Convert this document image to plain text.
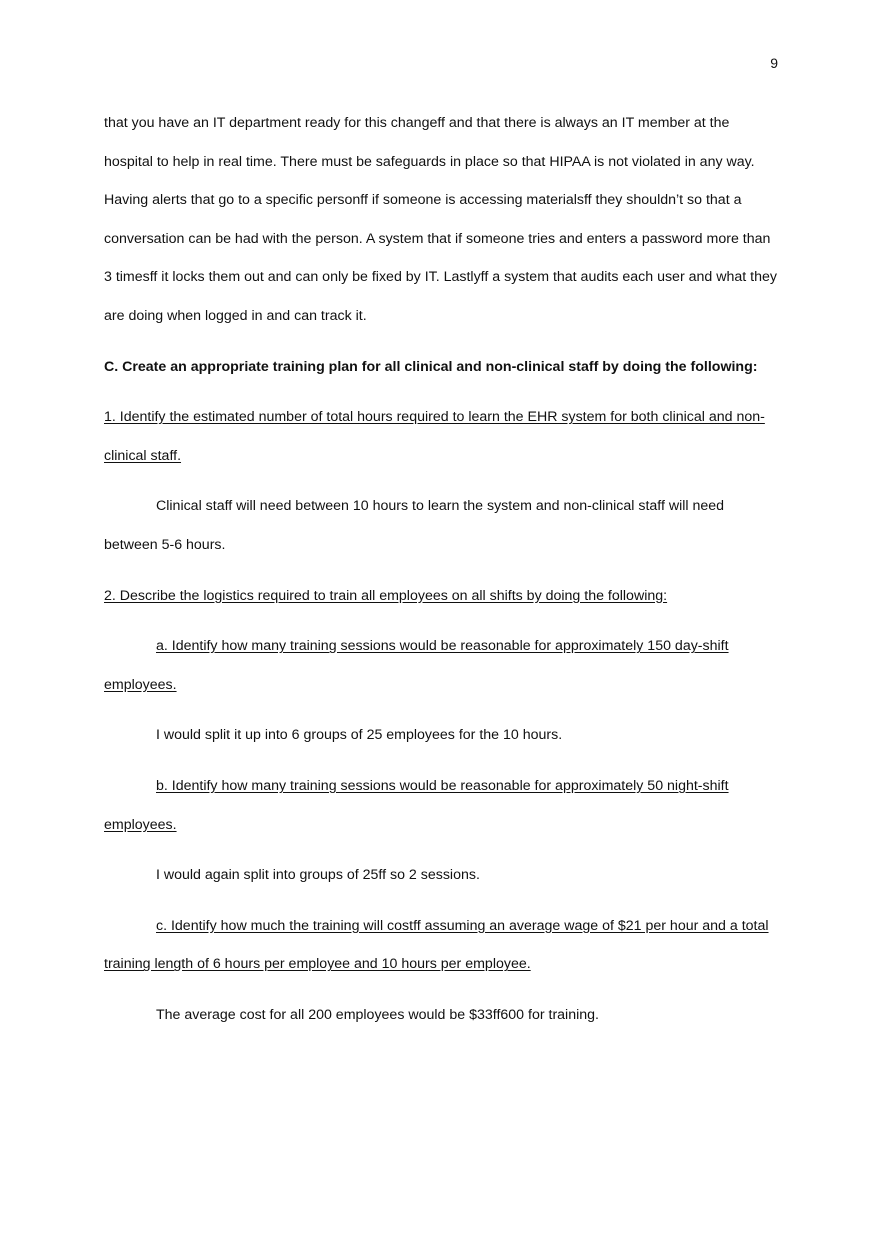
9

that you have an IT department ready for this changeff and that there is always an IT member at the hospital to help in real time. There must be safeguards in place so that HIPAA is not violated in any way. Having alerts that go to a specific personff if someone is accessing materialsff they shouldn’t so that a conversation can be had with the person. A system that if someone tries and enters a password more than 3 timesff it locks them out and can only be fixed by IT. Lastlyff a system that audits each user and what they are doing when logged in and can track it.

C. Create an appropriate training plan for all clinical and non-clinical staff by doing the following:

1. Identify the estimated number of total hours required to learn the EHR system for both clinical and non-clinical staff.

Clinical staff will need between 10 hours to learn the system and non-clinical staff will need between 5-6 hours.

2. Describe the logistics required to train all employees on all shifts by doing the following:

a. Identify how many training sessions would be reasonable for approximately 150 day-shift employees.

I would split it up into 6 groups of 25 employees for the 10 hours.

b. Identify how many training sessions would be reasonable for approximately 50 night-shift employees.

I would again split into groups of 25ff so 2 sessions.

c. Identify how much the training will costff assuming an average wage of $21 per hour and a total training length of 6 hours per employee and 10 hours per employee.

The average cost for all 200 employees would be $33ff600 for training.
